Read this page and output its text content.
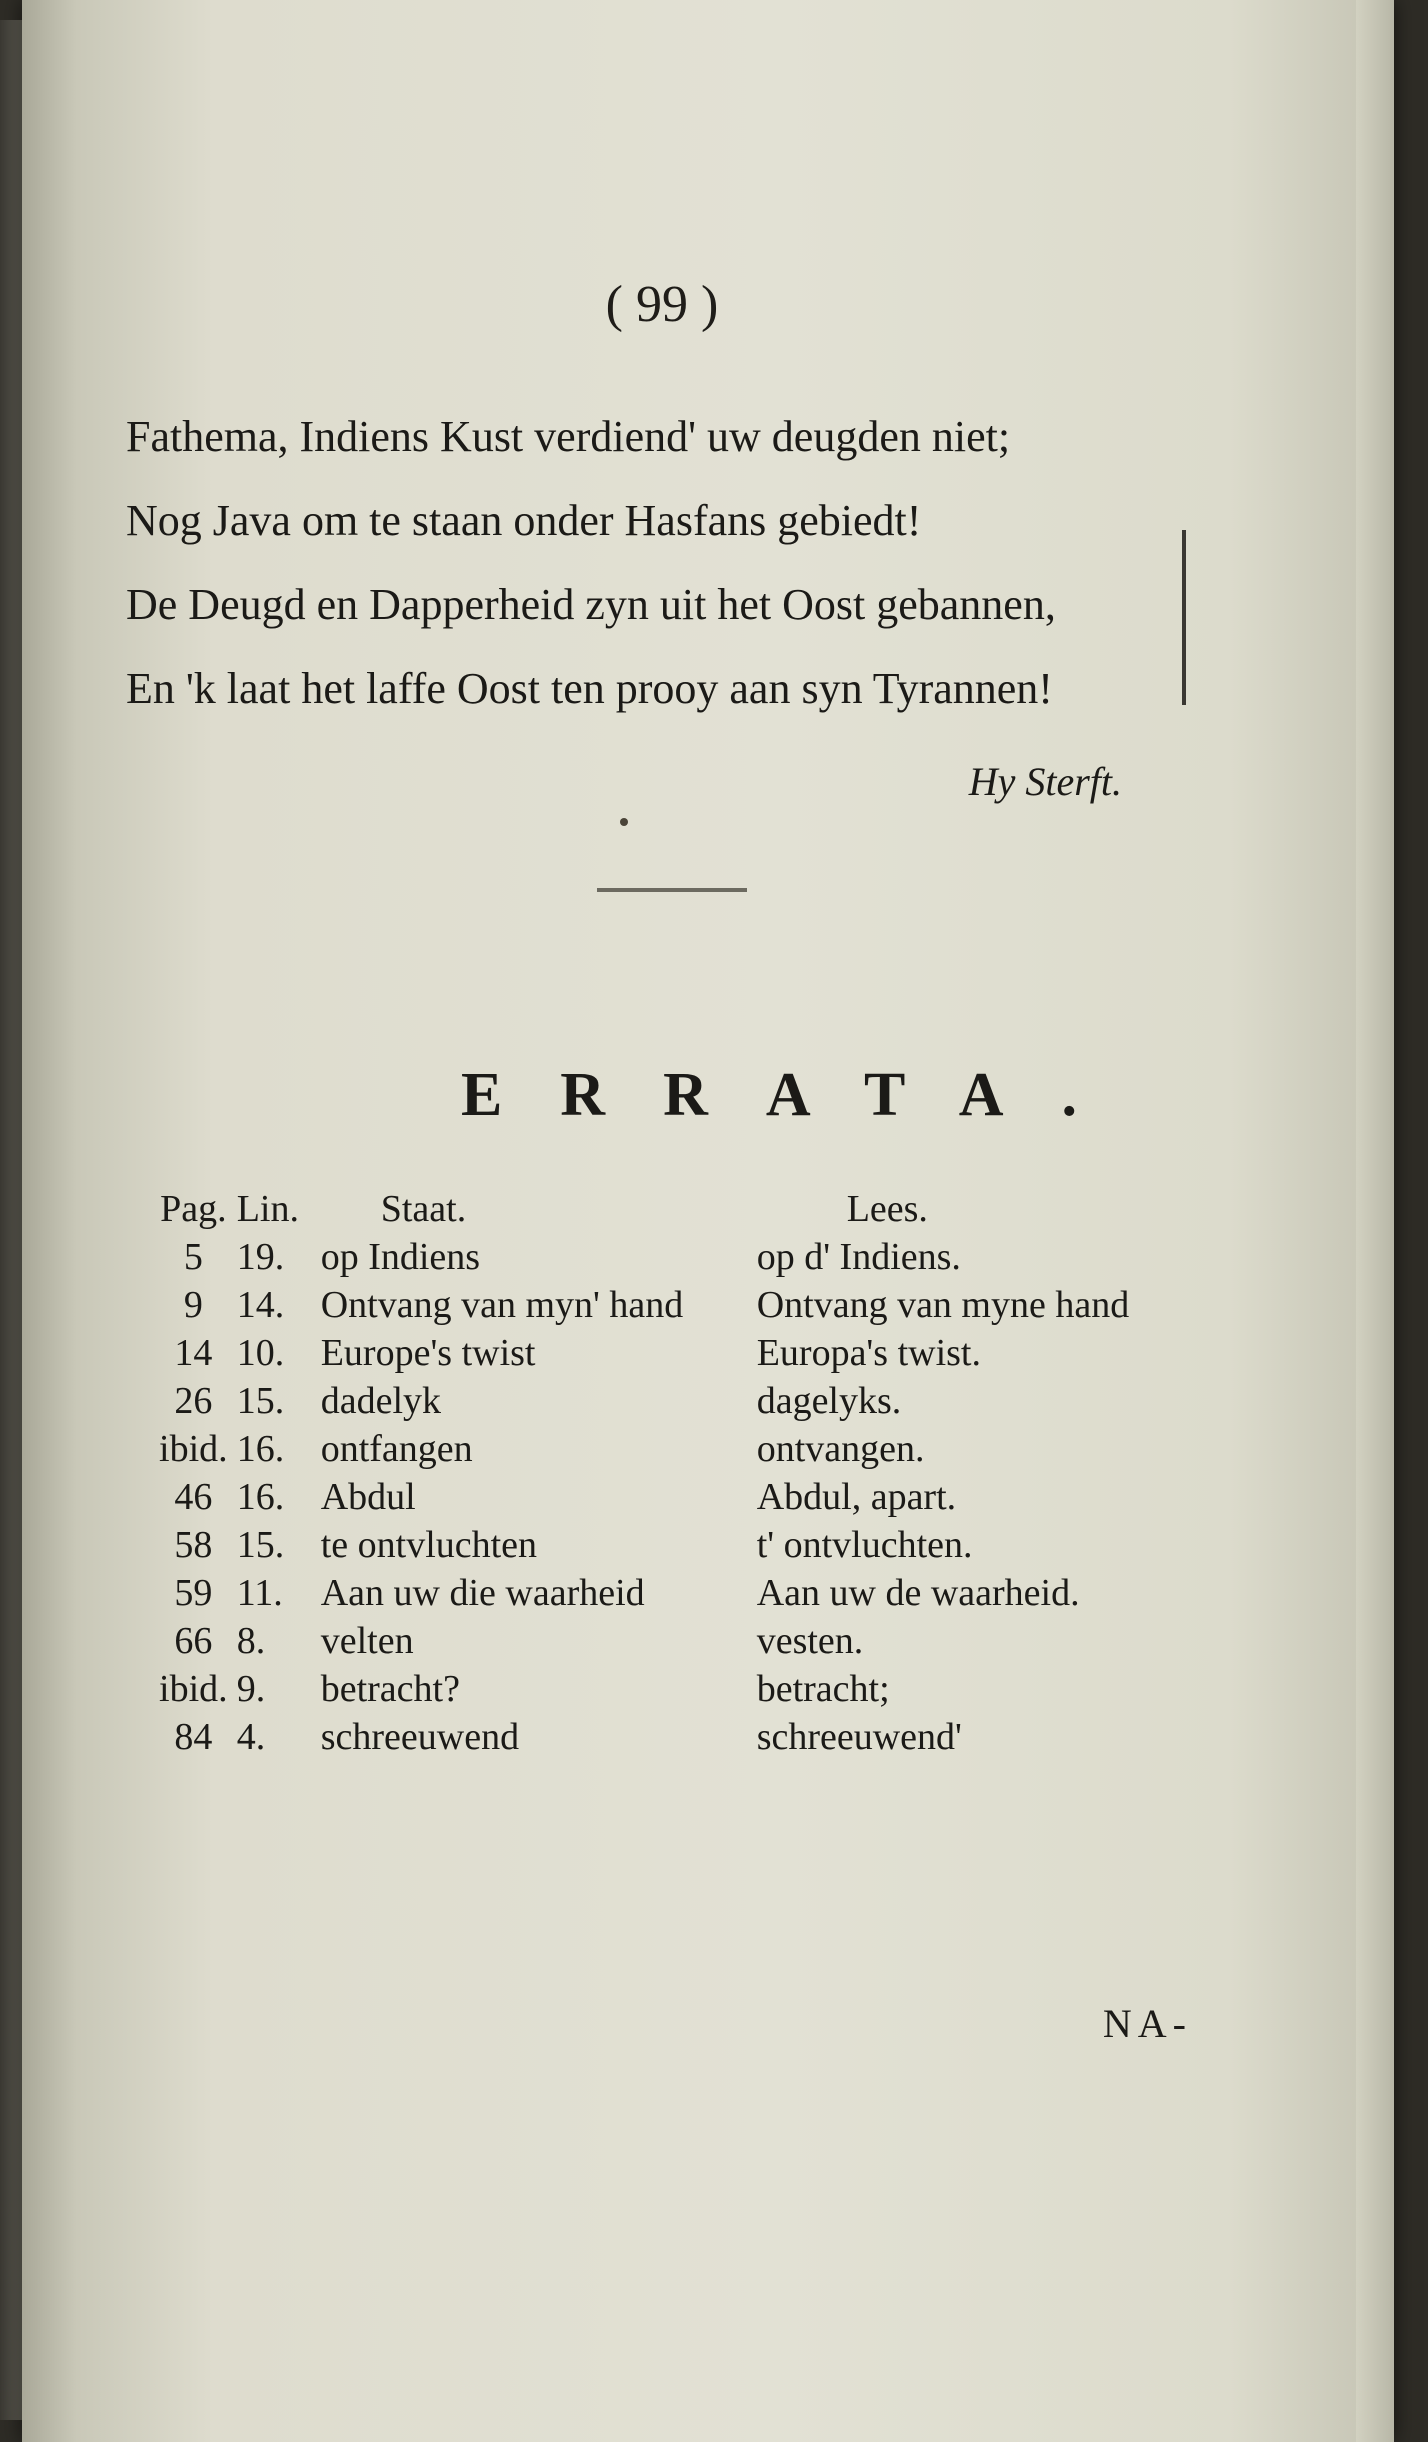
( 99 )
Fathema, Indiens Kust verdiend' uw deugden niet;
Nog Java om te staan onder Hasfans gebiedt!
De Deugd en Dapperheid zyn uit het Oost gebannen,
En 'k laat het laffe Oost ten prooy aan syn Tyrannen!
Hy Sterft.
ERRATA.
Pag.	Lin.	Staat.	Lees.
5	19.	op Indiens	op d' Indiens.
9	14.	Ontvang van myn' hand	Ontvang van myne hand
14	10.	Europe's twist	Europa's twist.
26	15.	dadelyk	dagelyks.
ibid.	16.	ontfangen	ontvangen.
46	16.	Abdul	Abdul, apart.
58	15.	te ontvluchten	t' ontvluchten.
59	11.	Aan uw die waarheid	Aan uw de waarheid.
66	8.	velten	vesten.
ibid.	9.	betracht?	betracht;
84	4.	schreeuwend	schreeuwend'
NA-
